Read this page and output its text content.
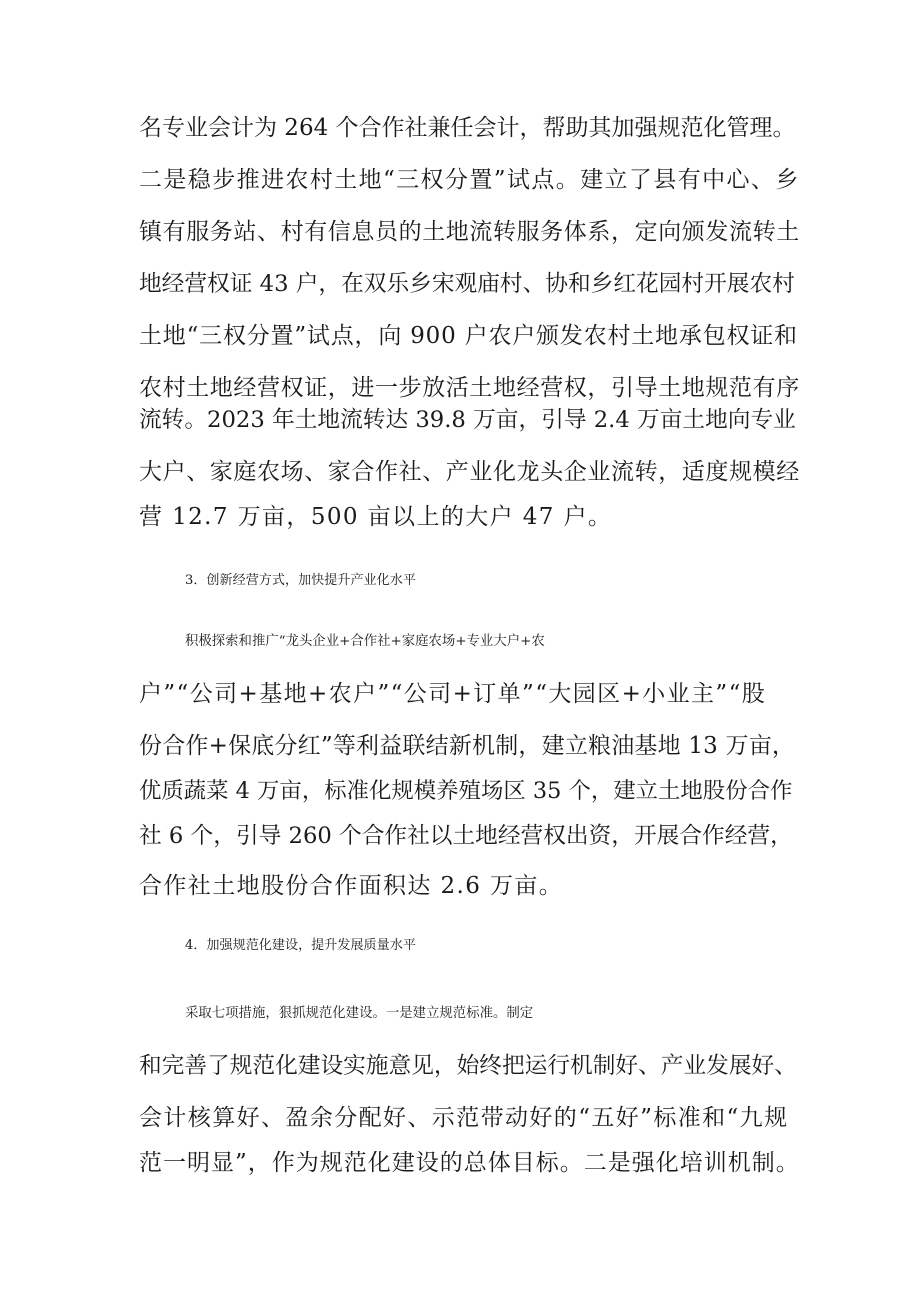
名专业会计为 264 个合作社兼任会计，帮助其加强规范化管理。
二是稳步推进农村土地“三权分置”试点。建立了县有中心、乡
镇有服务站、村有信息员的土地流转服务体系，定向颁发流转土
地经营权证 43 户，在双乐乡宋观庙村、协和乡红花园村开展农村
土地“三权分置”试点，向 900 户农户颁发农村土地承包权证和
农村土地经营权证，进一步放活土地经营权，引导土地规范有序
流转。2023 年土地流转达 39.8 万亩，引导 2.4 万亩土地向专业
大户、家庭农场、家合作社、产业化龙头企业流转，适度规模经
营 12.7 万亩，500 亩以上的大户 47 户。
3．创新经营方式，加快提升产业化水平
积极探索和推广“龙头企业+合作社+家庭农场+专业大户+农
户”“公司+基地+农户”“公司+订单”“大园区+小业主”“股
份合作+保底分红”等利益联结新机制，建立粮油基地 13 万亩，
优质蔬菜 4 万亩，标准化规模养殖场区 35 个，建立土地股份合作
社 6 个，引导 260 个合作社以土地经营权出资，开展合作经营，
合作社土地股份合作面积达 2.6 万亩。
4．加强规范化建设，提升发展质量水平
采取七项措施，狠抓规范化建设。一是建立规范标准。制定
和完善了规范化建设实施意见，始终把运行机制好、产业发展好、
会计核算好、盈余分配好、示范带动好的“五好”标准和“九规
范一明显”，作为规范化建设的总体目标。二是强化培训机制。
